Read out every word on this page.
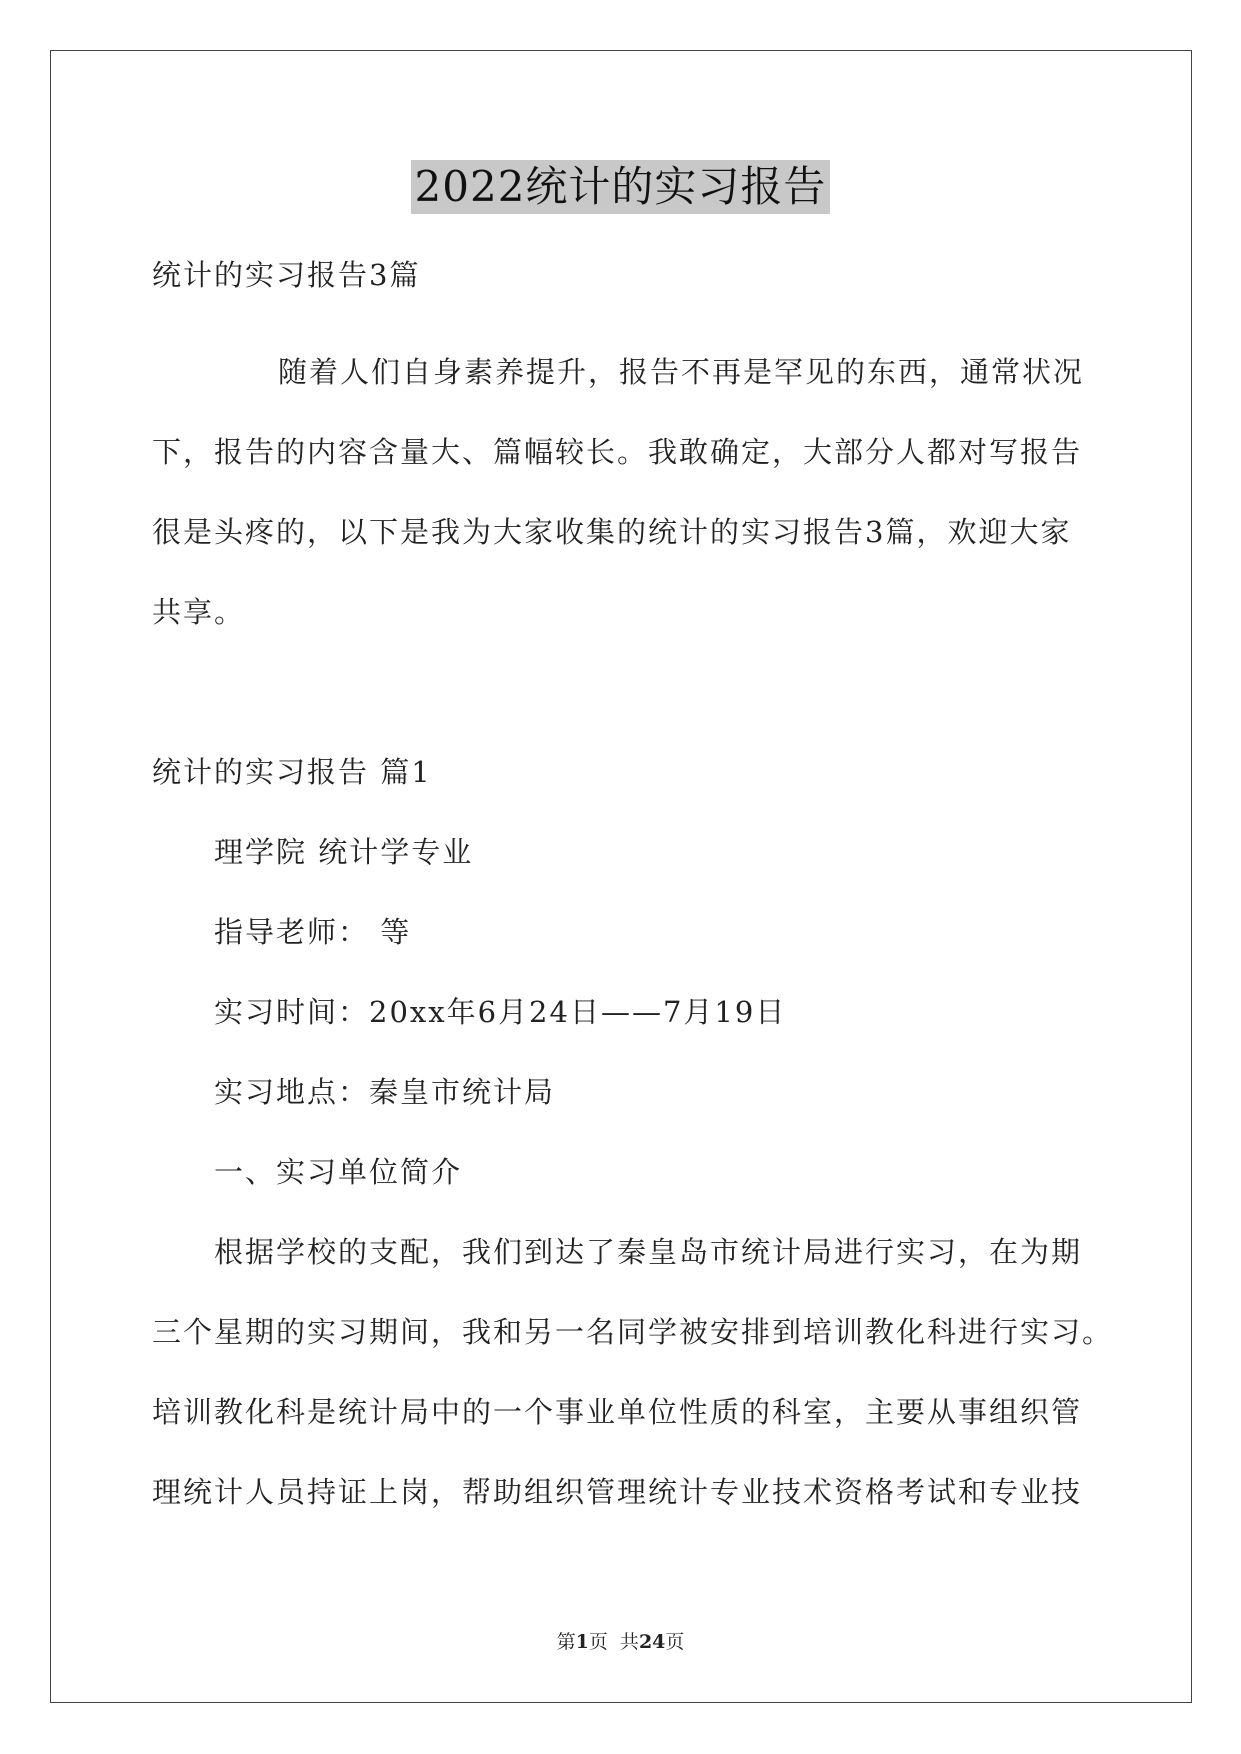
2022统计的实习报告
统计的实习报告3篇
随着人们自身素养提升，报告不再是罕见的东西，通常状况
下，报告的内容含量大、篇幅较长。我敢确定，大部分人都对写报告
很是头疼的，以下是我为大家收集的统计的实习报告3篇，欢迎大家
共享。
统计的实习报告 篇1
理学院 统计学专业
指导老师： 等
实习时间：20xx年6月24日——7月19日
实习地点：秦皇市统计局
一、实习单位简介
根据学校的支配，我们到达了秦皇岛市统计局进行实习，在为期
三个星期的实习期间，我和另一名同学被安排到培训教化科进行实习。
培训教化科是统计局中的一个事业单位性质的科室，主要从事组织管
理统计人员持证上岗，帮助组织管理统计专业技术资格考试和专业技
第1页  共24页
